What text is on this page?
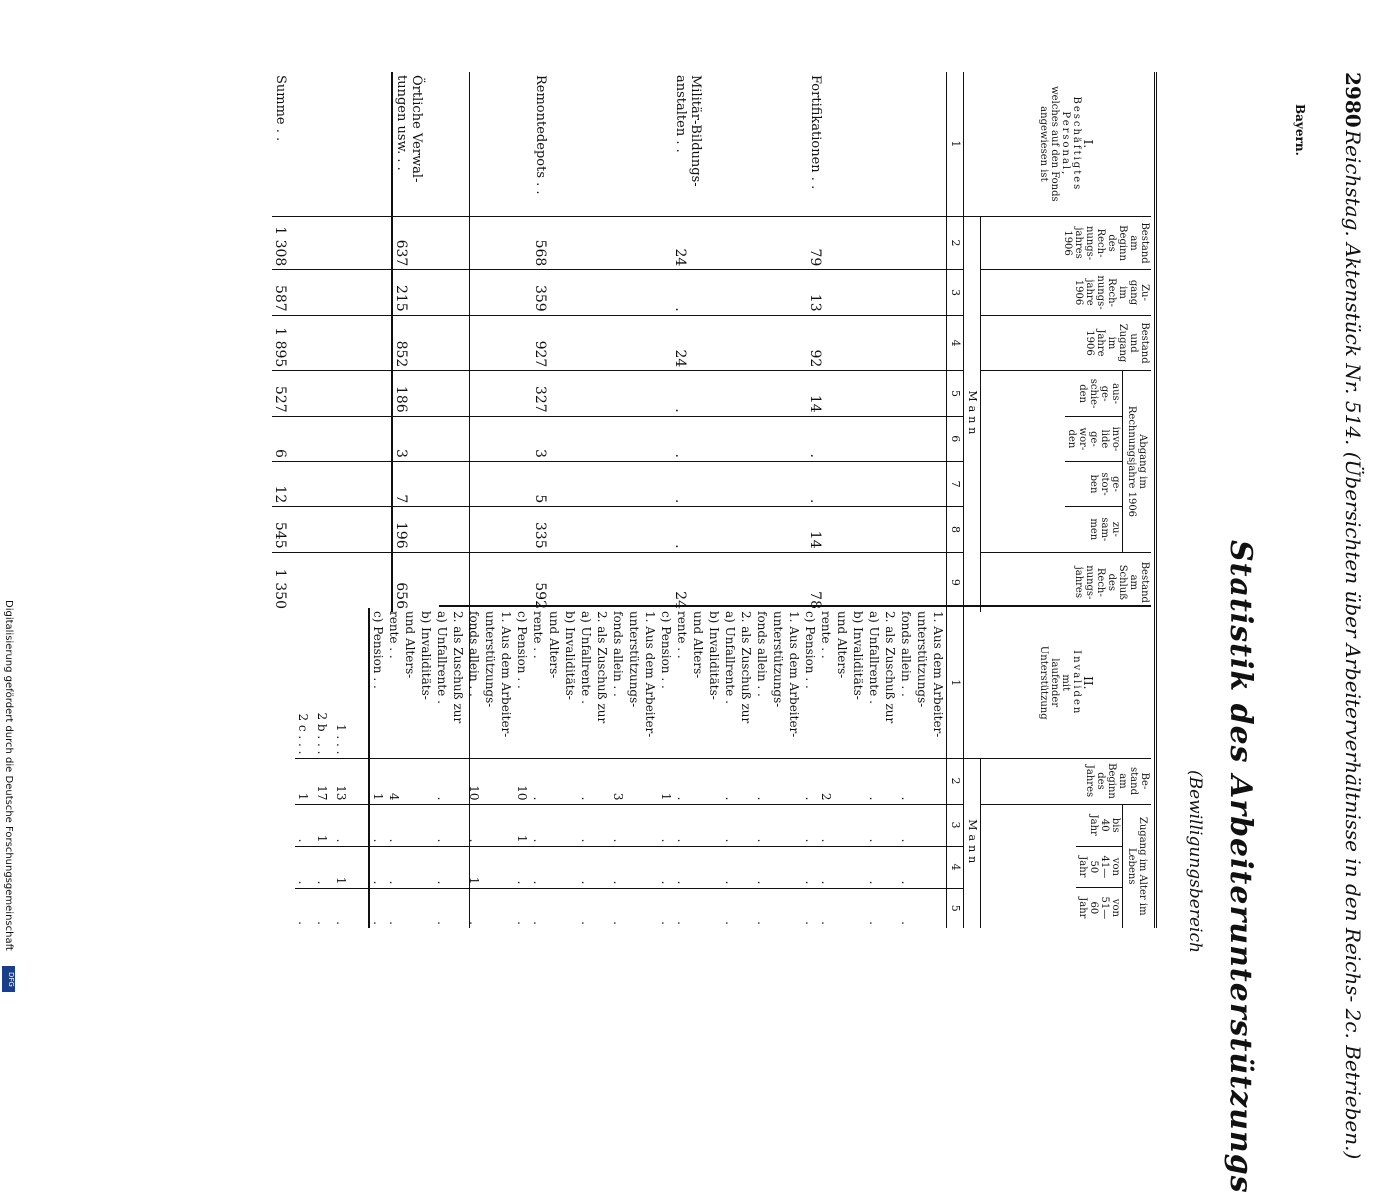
2980
Reichstag. Aktenstück Nr. 514. (Übersichten über Arbeiterverhältnisse in den Reichs- 2c. Betrieben.)
Bayern.
Statistik des Arbeiterunterstützungs
(Bewilligungsbereich
I.
Beschäftigtes
Personal,
welches auf den Fonds
angewiesen ist

Bestand
am
Beginn
des
Rech-
nungs-
jahres
1906

Zu-
gang
im
Rech-
nungs-
jahre
1906

Bestand
und
Zugang
im
Jahre
1906

Abgang im Rechnungsjahre 1906
aus-
ge-
schie-
den

invo-
lide
ge-
wor-
den

ge-
stor-
ben

zu-
sam-
men

Bestand
am
Schluß
des
Rech-
nungs-
jahres

	Mann
1	2	3	4	5	6	7	8	9
Fortifikationen . .	79	13	92	14	.	.	14	78
Militär-Bildungs- anstalten . .	24	.	24	.	.	.	.	24
Remontedepots . .	568	359	927	327	3	5	335	592
Örtliche Verwal- tungen usw. . .	637	215	852	186	3	7	196	656
Summe . .	1 308	587	1 895	527	6	12	545	1 350
II.
Invaliden
mit
laufender
Unterstützung

Be-
stand
am
Beginn
des
Jahres

Zugang im Alter im Lebens
bis
40
Jahr

von
41—50
Jahr

von
51—60
Jahr

	Mann
1	2	3	4	5
1. Aus dem Arbeiter-				
unterstützungs-				
fonds allein . .	.	.	.	.
2. als Zuschuß zur				
a) Unfallrente .	.	.	.	.
b) Invaliditäts-				
und Alters-				
rente . .	2	.	.	.
c) Pension . .	.	.	.	.
1. Aus dem Arbeiter-				
unterstützungs-				
fonds allein . .	.	.	.	.
2. als Zuschuß zur				
a) Unfallrente .	.	.	.	.
b) Invaliditäts-				
und Alters-				
rente . .	.	.	.	.
c) Pension . .	1	.	.	.
1. Aus dem Arbeiter-				
unterstützungs-				
fonds allein . .	3	.	.	.
2. als Zuschuß zur				
a) Unfallrente .	.	.	.	.
b) Invaliditäts-				
und Alters-				
rente . .	.	.	.	.
c) Pension . .	10	1	.	.
1. Aus dem Arbeiter-				
unterstützungs-				
fonds allein . .	10	.	1	.
2. als Zuschuß zur				
a) Unfallrente .	.	.	.	.
b) Invaliditäts-				
und Alters-				
rente . .	4	.	.	.
c) Pension . .	1	.	.	.
1 . . .	13	.	1	.
2 b . . .	17	1	.	.
2 c . . .	1	.	.	.
Digitalisierung gefördert durch die Deutsche Forschungsgemeinschaft
DFG
